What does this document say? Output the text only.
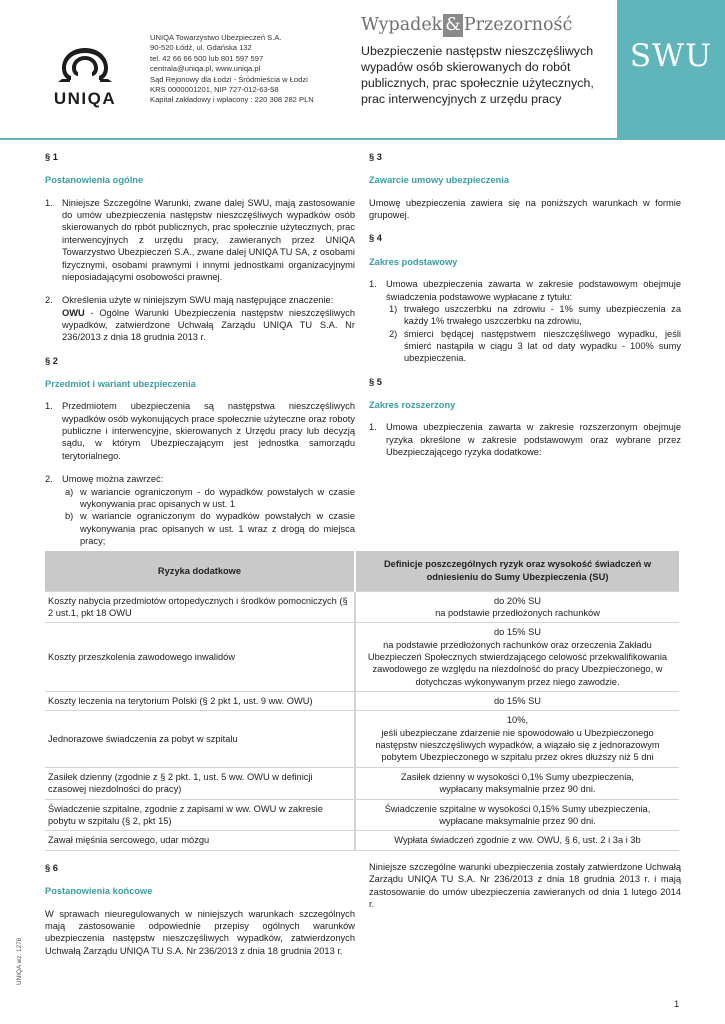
UNIQA
UNIQA Towarzystwo Ubezpieczeń S.A.
90-520 Łódź, ul. Gdańska 132
tel. 42 66 66 500 lub 801 597 597
centrala@uniqa.pl, www.uniqa.pl
Sąd Rejonowy dla Łodzi - Śródmieścia w Łodzi
KRS 0000001201, NIP 727-012-63-58
Kapitał zakładowy i wpłacony : 220 308 282 PLN
Wypadek & Przezorność
Ubezpieczenie następstw nieszczęśliwych wypadów osób skierowanych do robót publicznych, prac społecznie użytecznych, prac interwencyjnych z urzędu pracy
SWU
§ 1
Postanowienia ogólne
1. Niniejsze Szczególne Warunki, zwane dalej SWU, mają zastosowanie do umów ubezpieczenia następstw nieszczęśliwych wypadków osób skierowanych do rpbót publicznych, prac społecznie użytecznych, prac interwencyjnych z urzędu pracy, zawieranych przez UNIQA Towarzystwo Ubezpieczeń S.A., zwane dalej UNIQA TU SA, z osobami fizycznymi, osobami prawnymi i innymi jednostkami organizacyjnymi nieposiadającymi osobowości prawnej.
2. Określenia użyte w niniejszym SWU mają następujące znaczenie:
OWU - Ogólne Warunki Ubezpieczenia następstw nieszczęśliwych wypadków, zatwierdzone Uchwałą Zarządu UNIQA TU S.A. Nr 236/2013 z dnia 18 grudnia 2013 r.
§ 2
Przedmiot i wariant ubezpieczenia
1. Przedmiotem ubezpieczenia są następstwa nieszczęśliwych wypadków osób wykonujących prace społecznie użyteczne oraz roboty publiczne i interwencyjne, skierowanych z Urzędu pracy lub decyzją sądu, w którym Ubezpieczającym jest jednostka samorządu terytorialnego.
2. Umowę można zawrzeć:
a) w wariancie ograniczonym - do wypadków powstałych w czasie wykonywania prac opisanych w ust. 1
b) w wariancie ograniczonym do wypadków powstałych w czasie wykonywania prac opisanych w ust. 1 wraz z drogą do miejsca pracy;
§ 3
Zawarcie umowy ubezpieczenia
Umowę ubezpieczenia zawiera się na poniższych warunkach w formie grupowej.
§ 4
Zakres podstawowy
1. Umowa ubezpieczenia zawarta w zakresie podstawowym obejmuje świadczenia podstawowe wypłacane z tytułu:
1) trwałego uszczerbku na zdrowiu - 1% sumy ubezpieczenia za każdy 1% trwałego uszczerbku na zdrowiu,
2) śmierci będącej następstwem nieszczęśliwego wypadku, jeśli śmierć nastąpiła w ciągu 3 lat od daty wypadku - 100% sumy ubezpieczenia.
§ 5
Zakres rozszerzony
1. Umowa ubezpieczenia zawarta w zakresie rozszerzonym obejmuje ryzyka określone w zakresie podstawowym oraz wybrane przez Ubezpieczającego ryzyka dodatkowe:
Ryzyka dodatkowe	Definicje poszczególnych ryzyk oraz wysokość świadczeń w odniesieniu do Sumy Ubezpieczenia (SU)
Koszty nabycia przedmiotów ortopedycznych i środków pomocniczych (§ 2 ust.1, pkt 18 OWU	do 20% SU
na podstawie przedłożonych rachunków
Koszty przeszkolenia zawodowego inwalidów	do 15% SU
na podstawie przedłożonych rachunków oraz orzeczenia Zakładu Ubezpieczeń Społecznych stwierdzającego celowość przekwalifikowania zawodowego ze względu na niezdolność do pracy Ubezpieczonego, w dotychczas wykonywanym przez niego zawodzie.
Koszty leczenia na terytorium Polski (§ 2 pkt 1, ust. 9 ww. OWU)	do 15% SU
Jednorazowe świadczenia za pobyt w szpitalu	10%,
jeśli ubezpieczane zdarzenie nie spowodowało u Ubezpieczonego następstw nieszczęśliwych wypadków, a wiązało się z jednorazowym pobytem Ubezpieczonego w szpitalu przez okres dłuższy niż 5 dni
Zasiłek dzienny (zgodnie z § 2 pkt. 1, ust. 5 ww. OWU w definicji czasowej niezdolności do pracy)	Zasiłek dzienny w wysokości 0,1% Sumy ubezpieczenia,
wypłacany maksymalnie przez 90 dni.
Świadczenie szpitalne, zgodnie z zapisami w ww. OWU w zakresie pobytu w szpitalu (§ 2, pkt 15)	Świadczenie szpitalne w wysokości 0,15% Sumy ubezpieczenia,
wypłacane maksymalnie przez 90 dni.
Zawał mięśnia sercowego, udar mózgu	Wypłata świadczeń zgodnie z ww. OWU, § 6, ust. 2 i 3a i 3b
§ 6
Postanowienia końcowe
W sprawach nieuregulowanych w niniejszych warunkach szczególnych mają zastosowanie odpowiednie przepisy ogólnych warunków ubezpieczenia następstw nieszczęśliwych wypadków, zatwierdzonych Uchwałą Zarządu UNIQA TU S.A. Nr 236/2013 z dnia 18 grudnia 2013 r.
Niniejsze szczególne warunki ubezpieczenia zostały zatwierdzone Uchwałą Zarządu UNIQA TU S.A. Nr 236/2013 z dnia 18 grudnia 2013 r. i mają zastosowanie do umów ubezpieczenia zawieranych od dnia 1 lutego 2014 r.
UNIQA wz. 1278
1
